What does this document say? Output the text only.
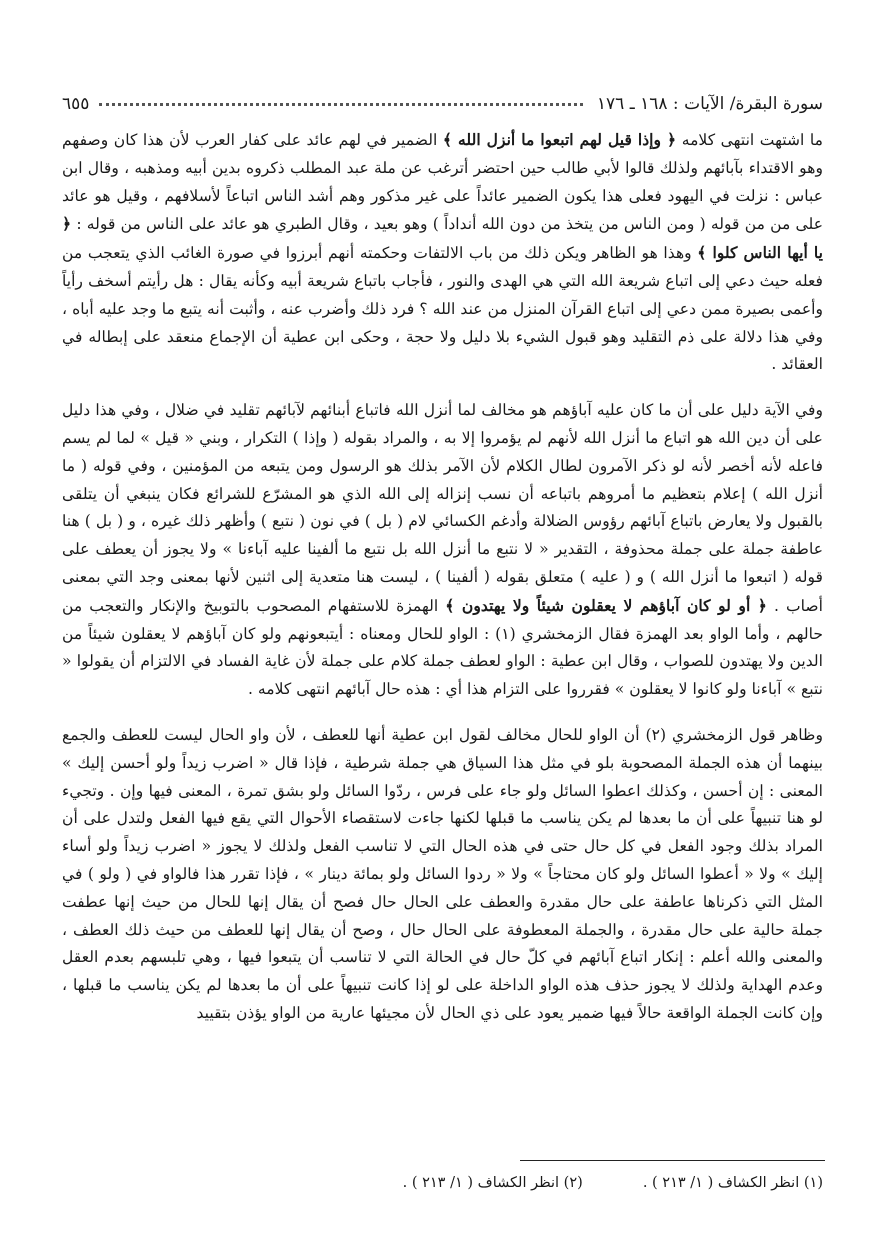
سورة البقرة/ الآيات : ١٦٨ ـ ١٧٦
٦٥٥

ما اشتهت انتهى كلامه ﴿ وإذا قيل لهم اتبعوا ما أنزل الله ﴾ الضمير في لهم عائد على كفار العرب لأن هذا كان وصفهم وهو الاقتداء بآبائهم ولذلك قالوا لأبي طالب حين احتضر أترغب عن ملة عبد المطلب ذكروه بدين أبيه ومذهبه ، وقال ابن عباس : نزلت في اليهود فعلى هذا يكون الضمير عائداً على غير مذكور وهم أشد الناس اتباعاً لأسلافهم ، وقيل هو عائد على من من قوله ( ومن الناس من يتخذ من دون الله أنداداً ) وهو بعيد ، وقال الطبري هو عائد على الناس من قوله : ﴿ يا أيها الناس كلوا ﴾ وهذا هو الظاهر ويكن ذلك من باب الالتفات وحكمته أنهم أبرزوا في صورة الغائب الذي يتعجب من فعله حيث دعي إلى اتباع شريعة الله التي هي الهدى والنور ، فأجاب باتباع شريعة أبيه وكأنه يقال : هل رأيتم أسخف رأياً وأعمى بصيرة ممن دعي إلى اتباع القرآن المنزل من عند الله ؟ فرد ذلك وأضرب عنه ، وأثبت أنه يتبع ما وجد عليه أباه ، وفي هذا دلالة على ذم التقليد وهو قبول الشيء بلا دليل ولا حجة ، وحكى ابن عطية أن الإجماع منعقد على إبطاله في العقائد .

وفي الآية دليل على أن ما كان عليه آباؤهم هو مخالف لما أنزل الله فاتباع أبنائهم لآبائهم تقليد في ضلال ، وفي هذا دليل على أن دين الله هو اتباع ما أنزل الله لأنهم لم يؤمروا إلا به ، والمراد بقوله ( وإذا ) التكرار ، وبني « قيل » لما لم يسم فاعله لأنه أخصر لأنه لو ذكر الآمرون لطال الكلام لأن الآمر بذلك هو الرسول ومن يتبعه من المؤمنين ، وفي قوله ( ما أنزل الله ) إعلام بتعظيم ما أمروهم باتباعه أن نسب إنزاله إلى الله الذي هو المشرّع للشرائع فكان ينبغي أن يتلقى بالقبول ولا يعارض باتباع آبائهم رؤوس الضلالة وأدغم الكسائي لام ( بل ) في نون ( نتبع ) وأظهر ذلك غيره ، و ( بل ) هنا عاطفة جملة على جملة محذوفة ، التقدير « لا نتبع ما أنزل الله بل نتبع ما ألفينا عليه آباءنا » ولا يجوز أن يعطف على قوله ( اتبعوا ما أنزل الله ) و ( عليه ) متعلق بقوله ( ألفينا ) ، ليست هنا متعدية إلى اثنين لأنها بمعنى وجد التي بمعنى أصاب . ﴿ أو لو كان آباؤهم لا يعقلون شيئاً ولا يهتدون ﴾ الهمزة للاستفهام المصحوب بالتوبيخ والإنكار والتعجب من حالهم ، وأما الواو بعد الهمزة فقال الزمخشري (١) : الواو للحال ومعناه : أيتبعونهم ولو كان آباؤهم لا يعقلون شيئاً من الدين ولا يهتدون للصواب ، وقال ابن عطية : الواو لعطف جملة كلام على جملة لأن غاية الفساد في الالتزام أن يقولوا « نتبع » آباءنا ولو كانوا لا يعقلون » فقرروا على التزام هذا أي : هذه حال آبائهم انتهى كلامه .

وظاهر قول الزمخشري (٢) أن الواو للحال مخالف لقول ابن عطية أنها للعطف ، لأن واو الحال ليست للعطف والجمع بينهما أن هذه الجملة المصحوبة بلو في مثل هذا السياق هي جملة شرطية ، فإذا قال « اضرب زيداً ولو أحسن إليك » المعنى : إن أحسن ، وكذلك اعطوا السائل ولو جاء على فرس ، ردّوا السائل ولو بشق تمرة ، المعنى فيها وإن . وتجيء لو هنا تنبيهاً على أن ما بعدها لم يكن يناسب ما قبلها لكنها جاءت لاستقصاء الأحوال التي يقع فيها الفعل ولتدل على أن المراد بذلك وجود الفعل في كل حال حتى في هذه الحال التي لا تناسب الفعل ولذلك لا يجوز « اضرب زيداً ولو أساء إليك » ولا « أعطوا السائل ولو كان محتاجاً » ولا « ردوا السائل ولو بمائة دينار » ، فإذا تقرر هذا فالواو في ( ولو ) في المثل التي ذكرناها عاطفة على حال مقدرة والعطف على الحال حال فصح أن يقال إنها للحال من حيث إنها عطفت جملة حالية على حال مقدرة ، والجملة المعطوفة على الحال حال ، وصح أن يقال إنها للعطف من حيث ذلك العطف ، والمعنى والله أعلم : إنكار اتباع آبائهم في كلّ حال في الحالة التي لا تناسب أن يتبعوا فيها ، وهي تلبسهم بعدم العقل وعدم الهداية ولذلك لا يجوز حذف هذه الواو الداخلة على لو إذا كانت تنبيهاً على أن ما بعدها لم يكن يناسب ما قبلها ، وإن كانت الجملة الواقعة حالاً فيها ضمير يعود على ذي الحال لأن مجيئها عارية من الواو يؤذن بتقييد

(١) انظر الكشاف ( ١/ ٢١٣ ) .
(٢) انظر الكشاف ( ١/ ٢١٣ ) .
